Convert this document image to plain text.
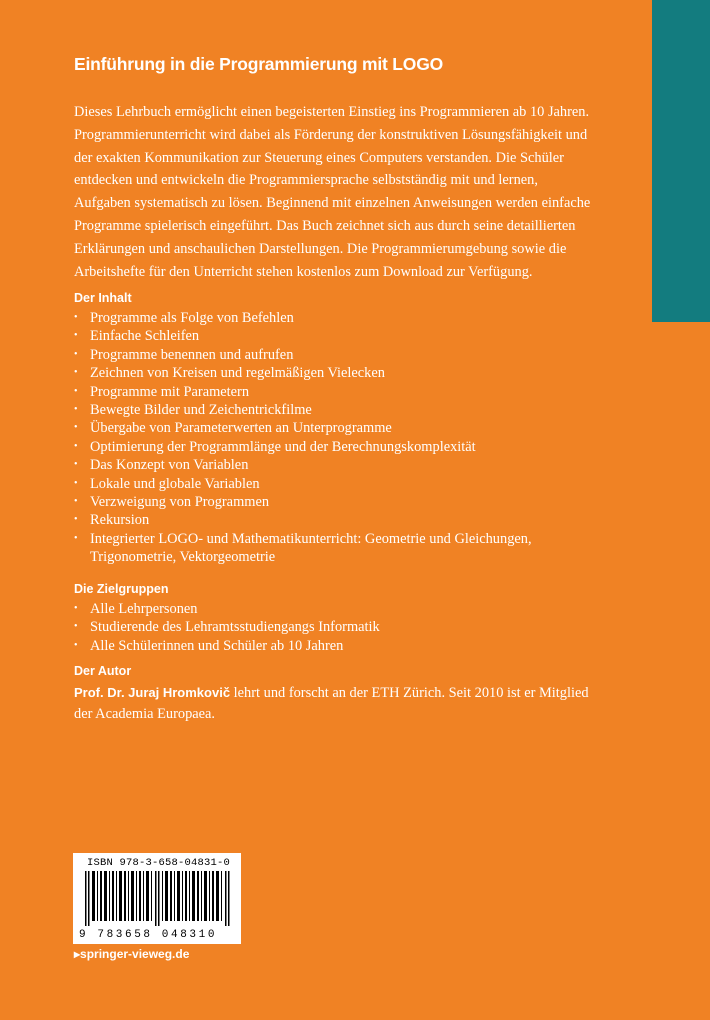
Einführung in die Programmierung mit LOGO

Dieses Lehrbuch ermöglicht einen begeisterten Einstieg ins Programmieren ab 10 Jahren. Programmierunterricht wird dabei als Förderung der konstruktiven Lösungsfähigkeit und der exakten Kommunikation zur Steuerung eines Computers verstanden. Die Schüler entdecken und entwickeln die Programmiersprache selbstständig mit und lernen, Aufgaben systematisch zu lösen. Beginnend mit einzelnen Anweisungen werden einfache Programme spielerisch eingeführt. Das Buch zeichnet sich aus durch seine detaillierten Erklärungen und anschaulichen Darstellungen. Die Programmierumgebung sowie die Arbeitshefte für den Unterricht stehen kostenlos zum Download zur Verfügung.

Der Inhalt
• Programme als Folge von Befehlen
• Einfache Schleifen
• Programme benennen und aufrufen
• Zeichnen von Kreisen und regelmäßigen Vielecken
• Programme mit Parametern
• Bewegte Bilder und Zeichentrickfilme
• Übergabe von Parameterwerten an Unterprogramme
• Optimierung der Programmlänge und der Berechnungskomplexität
• Das Konzept von Variablen
• Lokale und globale Variablen
• Verzweigung von Programmen
• Rekursion
• Integrierter LOGO- und Mathematikunterricht: Geometrie und Gleichungen, Trigonometrie, Vektorgeometrie
Die Zielgruppen
• Alle Lehrpersonen
• Studierende des Lehramtsstudiengangs Informatik
• Alle Schülerinnen und Schüler ab 10 Jahren
Der Autor

Prof. Dr. Juraj Hromkovič lehrt und forscht an der ETH Zürich. Seit 2010 ist er Mitglied der Academia Europaea.

ISBN 978-3-658-04831-0
9 783658 048310
▸springer-vieweg.de
